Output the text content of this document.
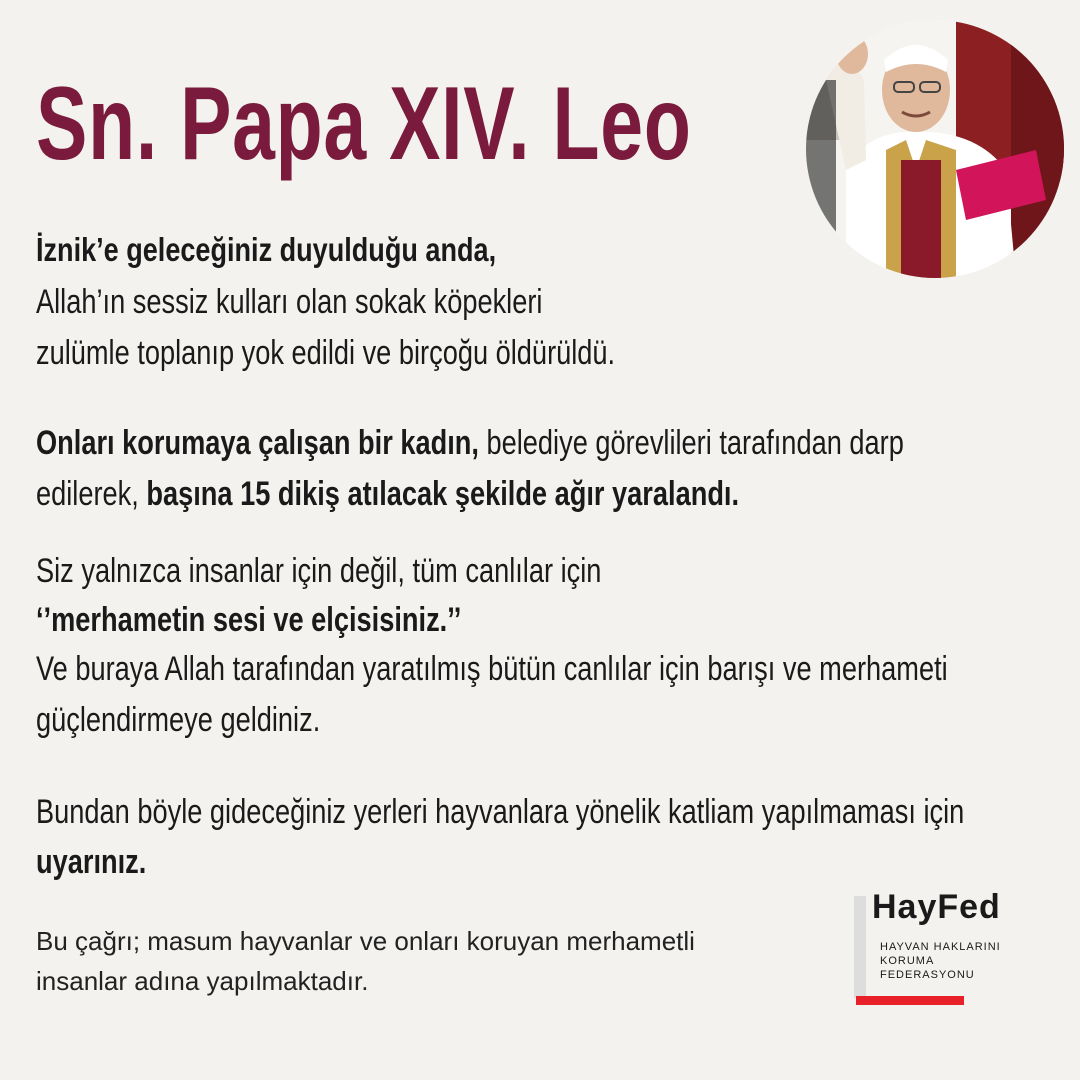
Sn. Papa XIV. Leo
İznik’e geleceğiniz duyulduğu anda,
Allah’ın sessiz kulları olan sokak köpekleri
zulümle toplanıp yok edildi ve birçoğu öldürüldü.
Onları korumaya çalışan bir kadın, belediye görevlileri tarafından darp
edilerek, başına 15 dikiş atılacak şekilde ağır yaralandı.
Siz yalnızca insanlar için değil, tüm canlılar için
‘’merhametin sesi ve elçisisiniz.’’
Ve buraya Allah tarafından yaratılmış bütün canlılar için barışı ve merhameti
güçlendirmeye geldiniz.
Bundan böyle gideceğiniz yerleri hayvanlara yönelik katliam yapılmaması için
uyarınız.
Bu çağrı; masum hayvanlar ve onları koruyan merhametli
insanlar adına yapılmaktadır.
HayFed
HAYVAN HAKLARINI
KORUMA
FEDERASYONU
